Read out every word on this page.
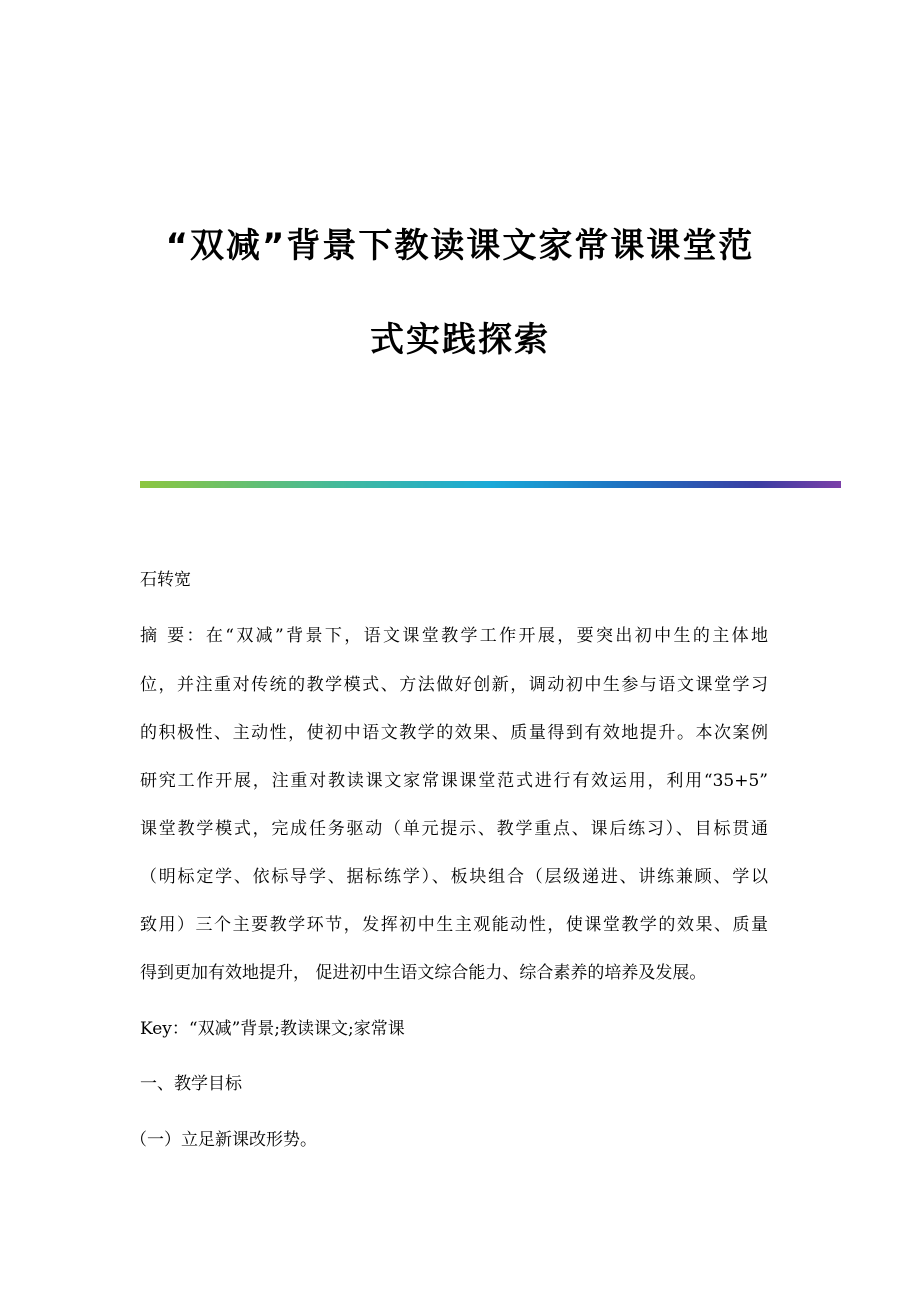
“双减”背景下教读课文家常课课堂范
式实践探索
石转宽
摘 要：在“双减”背景下，语文课堂教学工作开展，要突出初中生的主体地
位，并注重对传统的教学模式、方法做好创新，调动初中生参与语文课堂学习
的积极性、主动性，使初中语文教学的效果、质量得到有效地提升。本次案例
研究工作开展，注重对教读课文家常课课堂范式进行有效运用，利用“35+5”
课堂教学模式，完成任务驱动（单元提示、教学重点、课后练习）、目标贯通
（明标定学、依标导学、据标练学）、板块组合（层级递进、讲练兼顾、学以
致用）三个主要教学环节，发挥初中生主观能动性，使课堂教学的效果、质量
得到更加有效地提升， 促进初中生语文综合能力、综合素养的培养及发展。
Key：“双减”背景;教读课文;家常课
一、教学目标
（一）立足新课改形势。
